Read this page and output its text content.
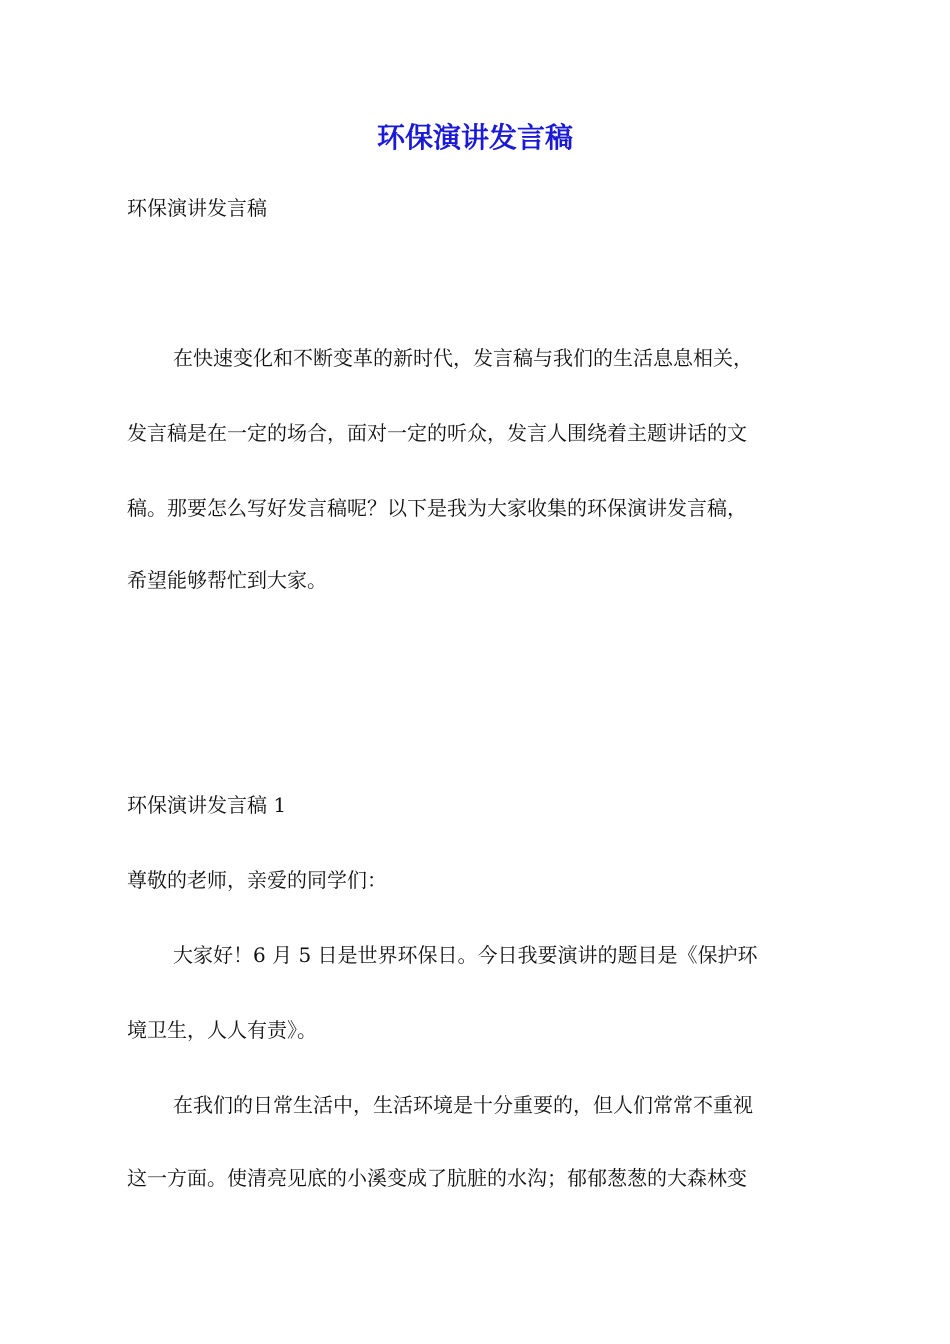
环保演讲发言稿

环保演讲发言稿

在快速变化和不断变革的新时代，发言稿与我们的生活息息相关，

发言稿是在一定的场合，面对一定的听众，发言人围绕着主题讲话的文

稿。那要怎么写好发言稿呢？以下是我为大家收集的环保演讲发言稿，

希望能够帮忙到大家。

环保演讲发言稿 1

尊敬的老师，亲爱的同学们：

大家好！6 月 5 日是世界环保日。今日我要演讲的题目是《保护环

境卫生，人人有责》。

在我们的日常生活中，生活环境是十分重要的，但人们常常不重视

这一方面。使清亮见底的小溪变成了肮脏的水沟；郁郁葱葱的大森林变
